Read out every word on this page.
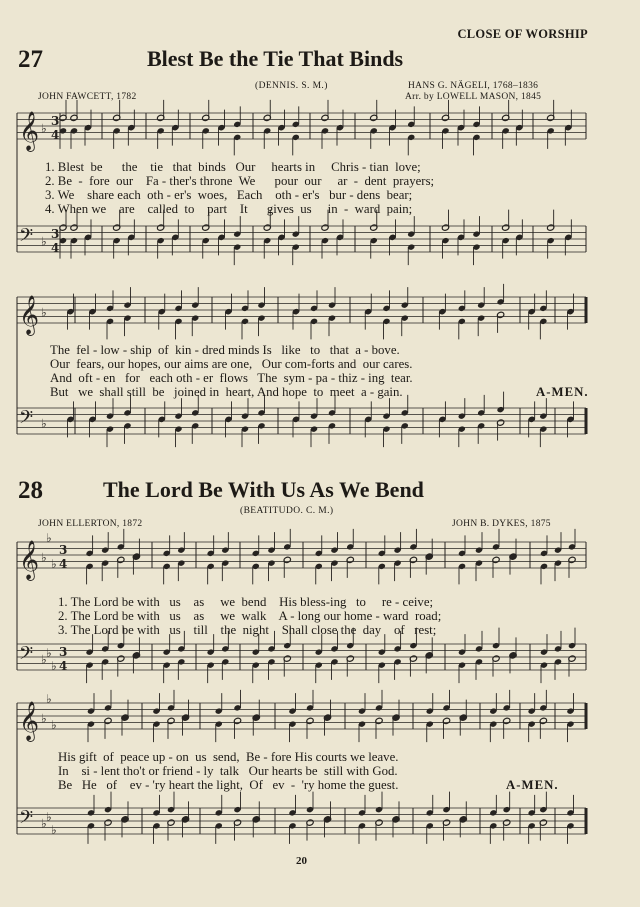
𝄞 ♭
3
4
𝄢 ♭
3
4
𝄞 ♭
𝄢 ♭
𝄞 ♭
♭
♭
3
4
𝄢 ♭ ♭
♭
3
4
𝄞 ♭
♭
♭
𝄢 ♭ ♭
♭
CLOSE OF WORSHIP
27	Blest Be the Tie That Binds
(DENNIS. S. M.)	HANS G. NÄGELI, 1768–1836
JOHN FAWCETT, 1782	Arr. by LOWELL MASON, 1845
1. Blest  be      the    tie   that  binds   Our     hearts in     Chris - tian  love;
2. Be  -  fore  our    Fa - ther's throne  We      pour  our     ar  -  dent  prayers;
3. We    share each  oth - er's  woes,   Each    oth - er's   bur - dens  bear;
4. When we    are    called  to    part    It      gives  us     in  -  ward  pain;
The  fel - low - ship  of  kin - dred minds Is   like   to   that  a - bove.
Our  fears, our hopes, our aims are one,   Our com-forts and  our cares.
And  oft - en   for   each oth - er  flows   The  sym - pa - thiz - ing  tear.
But   we  shall still  be   joined in  heart, And hope  to  meet  a - gain.	A-MEN.
28	The Lord Be With Us As We Bend
(BEATITUDO. C. M.)
JOHN ELLERTON, 1872	JOHN B. DYKES, 1875
1. The Lord be with   us    as     we  bend    His bless-ing   to     re - ceive;
2. The Lord be with   us    as     we  walk    A - long our home - ward  road;
3. The Lord be with   us    till    the  night    Shall close the  day    of   rest;
His gift  of  peace up - on  us  send,  Be - fore His courts we leave.
In    si - lent tho't or friend - ly  talk   Our hearts be  still with God.
Be   He   of    ev - 'ry heart the light,  Of   ev  -  'ry home the guest.	A-MEN.
20
